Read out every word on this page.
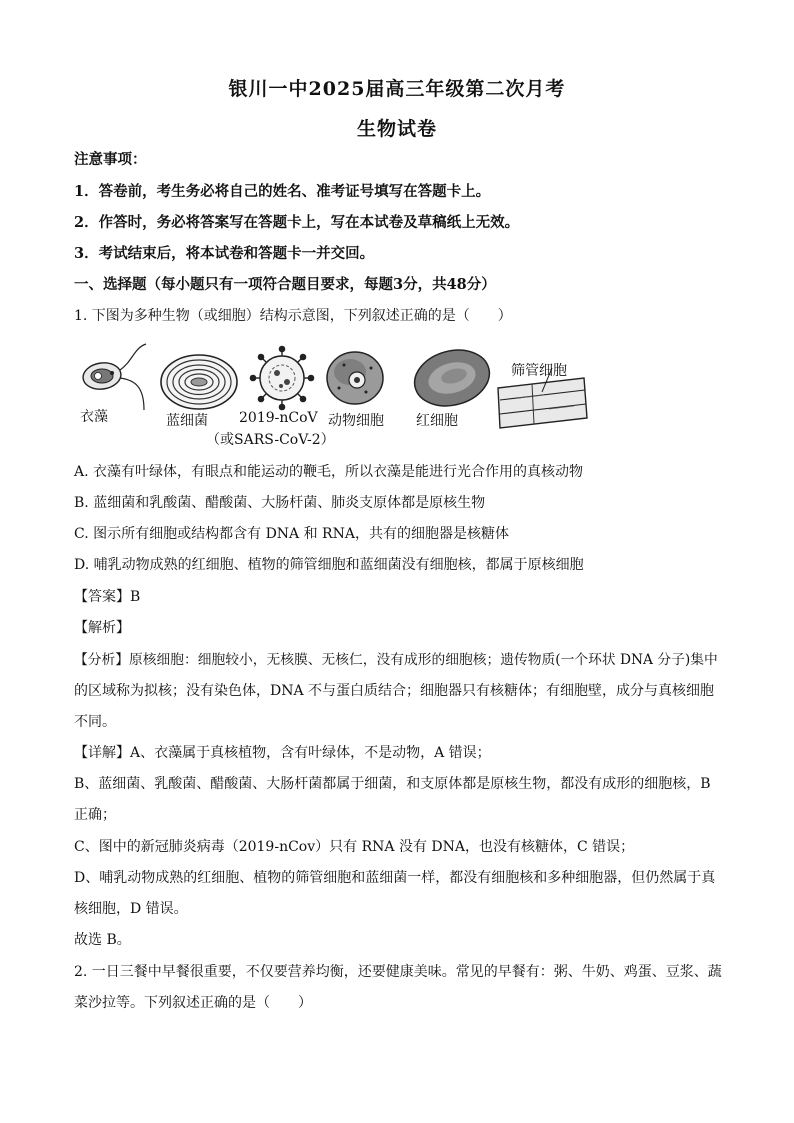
银川一中2025届高三年级第二次月考
生物试卷
注意事项：
1．答卷前，考生务必将自己的姓名、准考证号填写在答题卡上。
2．作答时，务必将答案写在答题卡上，写在本试卷及草稿纸上无效。
3．考试结束后，将本试卷和答题卡一并交回。
一、选择题（每小题只有一项符合题目要求，每题3分，共48分）
1. 下图为多种生物（或细胞）结构示意图，下列叙述正确的是（　　）
衣藻	蓝细菌 2019-nCoV
（或SARS-CoV-2）
动物细胞 红细胞
筛管细胞
A. 衣藻有叶绿体，有眼点和能运动的鞭毛，所以衣藻是能进行光合作用的真核动物
B. 蓝细菌和乳酸菌、醋酸菌、大肠杆菌、肺炎支原体都是原核生物
C. 图示所有细胞或结构都含有 DNA 和 RNA，共有的细胞器是核糖体
D. 哺乳动物成熟的红细胞、植物的筛管细胞和蓝细菌没有细胞核，都属于原核细胞
【答案】B
【解析】
【分析】原核细胞：细胞较小，无核膜、无核仁，没有成形的细胞核；遗传物质(一个环状 DNA 分子)集中
的区域称为拟核；没有染色体，DNA 不与蛋白质结合；细胞器只有核糖体；有细胞壁，成分与真核细胞
不同。
【详解】A、衣藻属于真核植物，含有叶绿体，不是动物，A 错误；
B、蓝细菌、乳酸菌、醋酸菌、大肠杆菌都属于细菌，和支原体都是原核生物，都没有成形的细胞核，B
正确；
C、图中的新冠肺炎病毒（2019-nCov）只有 RNA 没有 DNA，也没有核糖体，C 错误；
D、哺乳动物成熟的红细胞、植物的筛管细胞和蓝细菌一样，都没有细胞核和多种细胞器，但仍然属于真
核细胞，D 错误。
故选 B。
2. 一日三餐中早餐很重要，不仅要营养均衡，还要健康美味。常见的早餐有：粥、牛奶、鸡蛋、豆浆、蔬
菜沙拉等。下列叙述正确的是（　　）
